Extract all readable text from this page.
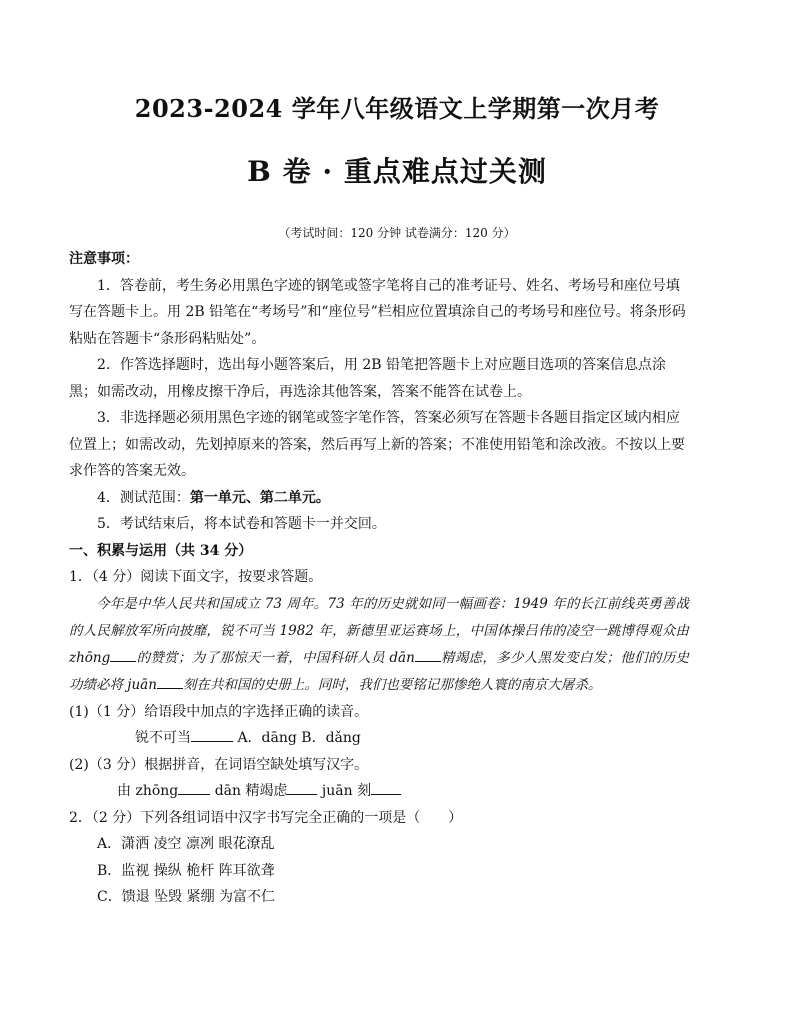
2023-2024 学年八年级语文上学期第一次月考
B 卷 · 重点难点过关测
（考试时间：120 分钟 试卷满分：120 分）

注意事项：

1．答卷前，考生务必用黑色字迹的钢笔或签字笔将自己的准考证号、姓名、考场号和座位号填写在答题卡上。用 2B 铅笔在“考场号”和“座位号”栏相应位置填涂自己的考场号和座位号。将条形码粘贴在答题卡“条形码粘贴处”。

2．作答选择题时，选出每小题答案后，用 2B 铅笔把答题卡上对应题目选项的答案信息点涂黑；如需改动，用橡皮擦干净后，再选涂其他答案，答案不能答在试卷上。

3．非选择题必须用黑色字迹的钢笔或签字笔作答，答案必须写在答题卡各题目指定区域内相应位置上；如需改动，先划掉原来的答案，然后再写上新的答案；不准使用铅笔和涂改液。不按以上要求作答的答案无效。

4．测试范围：第一单元、第二单元。

5．考试结束后，将本试卷和答题卡一并交回。

一、积累与运用（共 34 分）

1．（4 分）阅读下面文字，按要求答题。

今年是中华人民共和国成立 73 周年。73 年的历史就如同一幅画卷：1949 年的长江前线英勇善战的人民解放军所向披靡，锐不可当 1982 年，新德里亚运赛场上，中国体操吕伟的凌空一跳博得观众由 zhōng 的赞赏；为了那惊天一着，中国科研人员 dān 精竭虑，多少人黑发变白发；他们的历史功绩必将 juān 刻在共和国的史册上。同时，我们也要铭记那惨绝人寰的南京大屠杀。

(1)（1 分）给语段中加点的字选择正确的读音。

锐不可当	A．dāng B．dǎng

(2)（3 分）根据拼音，在词语空缺处填写汉字。

由 zhōng dān 精竭虑 juān 刻

2．（2 分）下列各组词语中汉字书写完全正确的一项是（　　）

A．潇洒 凌空 凛冽 眼花潦乱

B．监视 操纵 桅杆 阵耳欲聋

C．馈退 坠毁 紧绷 为富不仁
